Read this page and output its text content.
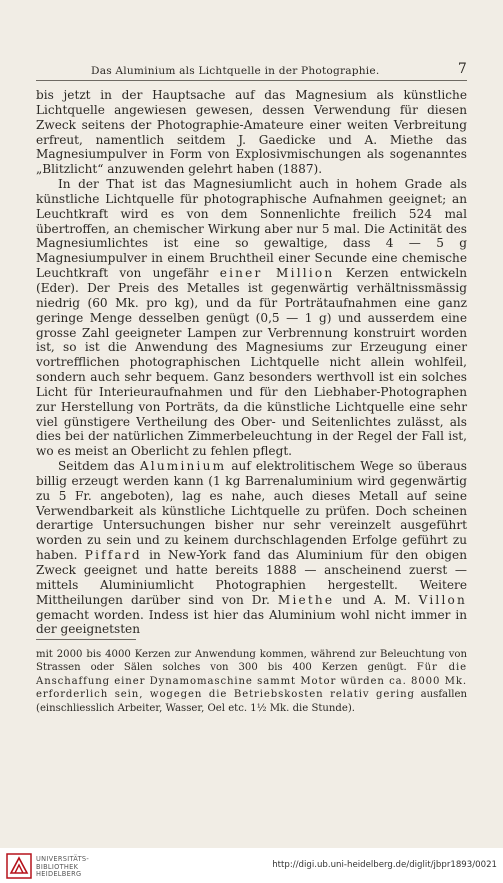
Das Aluminium als Lichtquelle in der Photographie.	7

bis jetzt in der Hauptsache auf das Magnesium als künstliche Lichtquelle angewiesen gewesen, dessen Verwendung für diesen Zweck seitens der Photographie-Amateure einer weiten Verbreitung erfreut, namentlich seitdem J. Gaedicke und A. Miethe das Magnesiumpulver in Form von Explosivmischungen als sogenanntes „Blitzlicht“ anzuwenden gelehrt haben (1887).

In der That ist das Magnesiumlicht auch in hohem Grade als künstliche Lichtquelle für photographische Aufnahmen geeignet; an Leuchtkraft wird es von dem Sonnenlichte freilich 524 mal übertroffen, an chemischer Wirkung aber nur 5 mal. Die Actinität des Magnesiumlichtes ist eine so gewaltige, dass 4 — 5 g Magnesiumpulver in einem Bruchtheil einer Secunde eine chemische Leuchtkraft von ungefähr einer Million Kerzen entwickeln (Eder). Der Preis des Metalles ist gegenwärtig verhältnissmässig niedrig (60 Mk. pro kg), und da für Porträtaufnahmen eine ganz geringe Menge desselben genügt (0,5 — 1 g) und ausserdem eine grosse Zahl geeigneter Lampen zur Verbrennung konstruirt worden ist, so ist die Anwendung des Magnesiums zur Erzeugung einer vortrefflichen photographischen Lichtquelle nicht allein wohlfeil, sondern auch sehr bequem. Ganz besonders werthvoll ist ein solches Licht für Interieuraufnahmen und für den Liebhaber-Photographen zur Herstellung von Porträts, da die künstliche Lichtquelle eine sehr viel günstigere Vertheilung des Ober- und Seitenlichtes zulässt, als dies bei der natürlichen Zimmerbeleuchtung in der Regel der Fall ist, wo es meist an Oberlicht zu fehlen pflegt.

Seitdem das Aluminium auf elektrolitischem Wege so überaus billig erzeugt werden kann (1 kg Barrenaluminium wird gegenwärtig zu 5 Fr. angeboten), lag es nahe, auch dieses Metall auf seine Verwendbarkeit als künstliche Lichtquelle zu prüfen. Doch scheinen derartige Untersuchungen bisher nur sehr vereinzelt ausgeführt worden zu sein und zu keinem durchschlagenden Erfolge geführt zu haben. Piffard in New-York fand das Aluminium für den obigen Zweck geeignet und hatte bereits 1888 — anscheinend zuerst — mittels Aluminiumlicht Photographien hergestellt. Weitere Mittheilungen darüber sind von Dr. Miethe und A. M. Villon gemacht worden. Indess ist hier das Aluminium wohl nicht immer in der geeignetsten

mit 2000 bis 4000 Kerzen zur Anwendung kommen, während zur Beleuchtung von Strassen oder Sälen solches von 300 bis 400 Kerzen genügt. Für die Anschaffung einer Dynamomaschine sammt Motor würden ca. 8000 Mk. erforderlich sein, wogegen die Betriebskosten relativ gering ausfallen (einschliesslich Arbeiter, Wasser, Oel etc. 1½ Mk. die Stunde).

UNIVERSITÄTS-
BIBLIOTHEK
HEIDELBERG
http://digi.ub.uni-heidelberg.de/diglit/jbpr1893/0021
